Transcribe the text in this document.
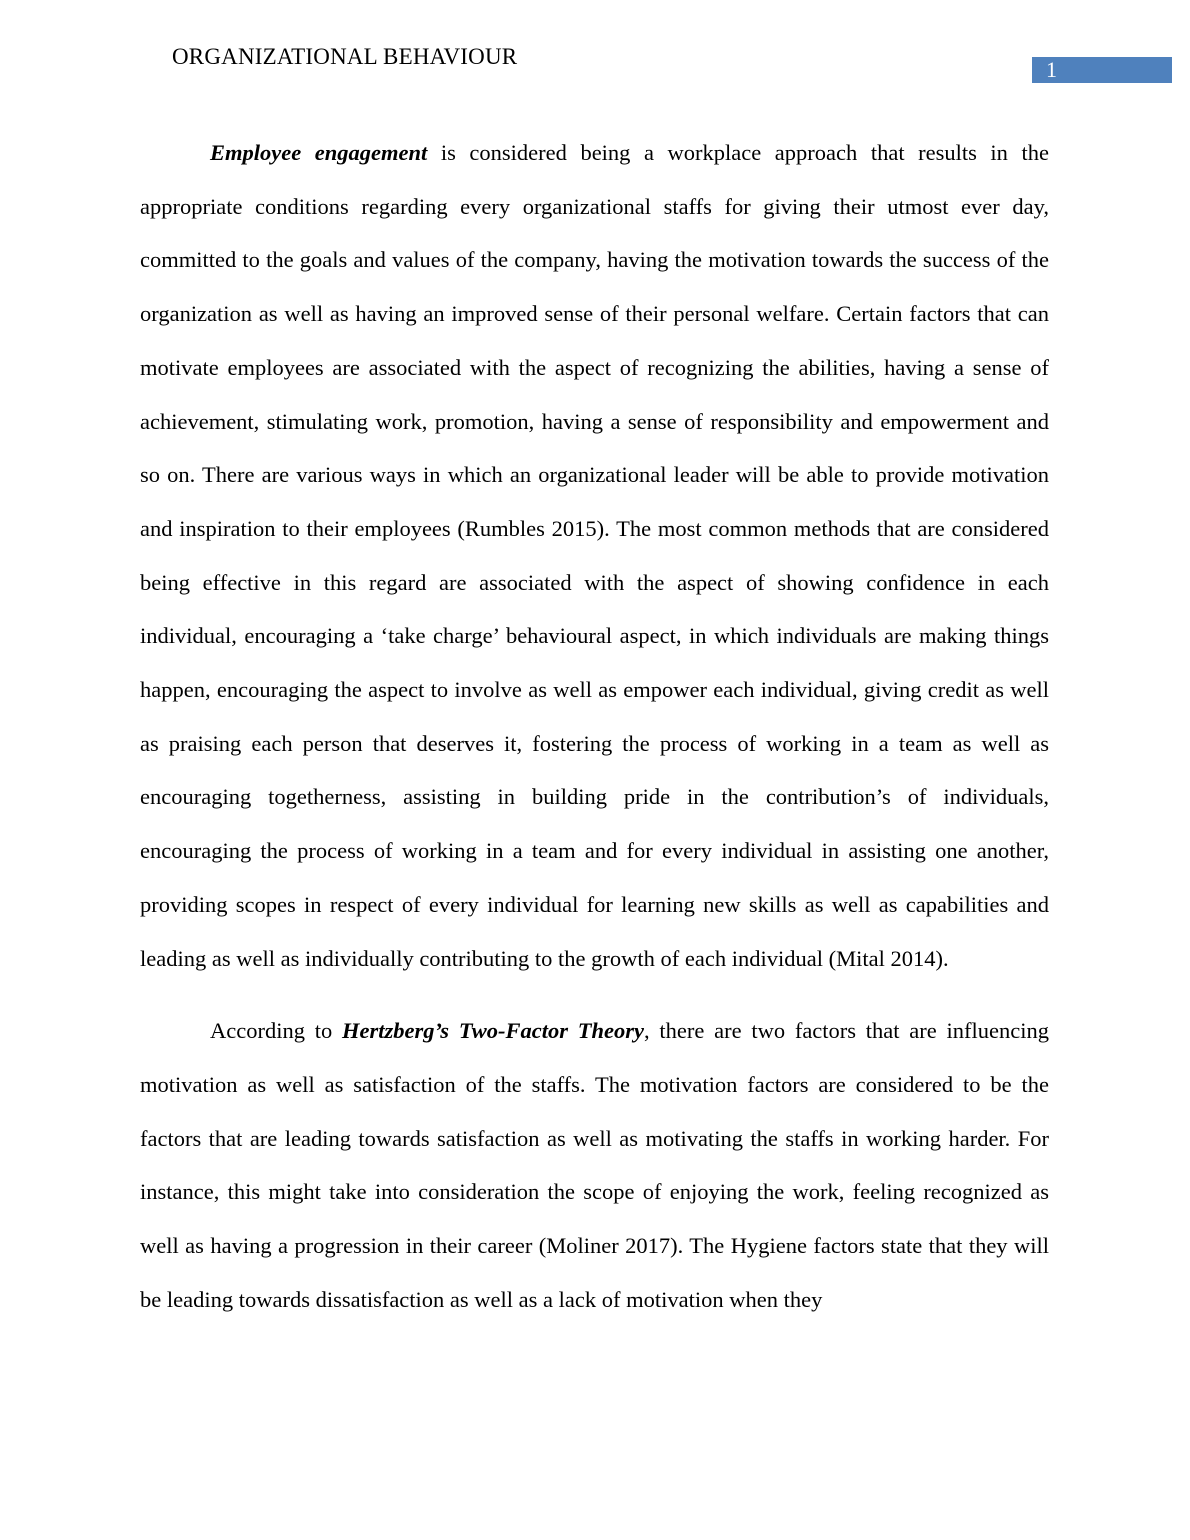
ORGANIZATIONAL BEHAVIOUR
1

Employee engagement is considered being a workplace approach that results in the appropriate conditions regarding every organizational staffs for giving their utmost ever day, committed to the goals and values of the company, having the motivation towards the success of the organization as well as having an improved sense of their personal welfare. Certain factors that can motivate employees are associated with the aspect of recognizing the abilities, having a sense of achievement, stimulating work, promotion, having a sense of responsibility and empowerment and so on. There are various ways in which an organizational leader will be able to provide motivation and inspiration to their employees (Rumbles 2015). The most common methods that are considered being effective in this regard are associated with the aspect of showing confidence in each individual, encouraging a ‘take charge’ behavioural aspect, in which individuals are making things happen, encouraging the aspect to involve as well as empower each individual, giving credit as well as praising each person that deserves it, fostering the process of working in a team as well as encouraging togetherness, assisting in building pride in the contribution’s of individuals, encouraging the process of working in a team and for every individual in assisting one another, providing scopes in respect of every individual for learning new skills as well as capabilities and leading as well as individually contributing to the growth of each individual (Mital 2014).

According to Hertzberg’s Two-Factor Theory, there are two factors that are influencing motivation as well as satisfaction of the staffs. The motivation factors are considered to be the factors that are leading towards satisfaction as well as motivating the staffs in working harder. For instance, this might take into consideration the scope of enjoying the work, feeling recognized as well as having a progression in their career (Moliner 2017). The Hygiene factors state that they will be leading towards dissatisfaction as well as a lack of motivation when they
